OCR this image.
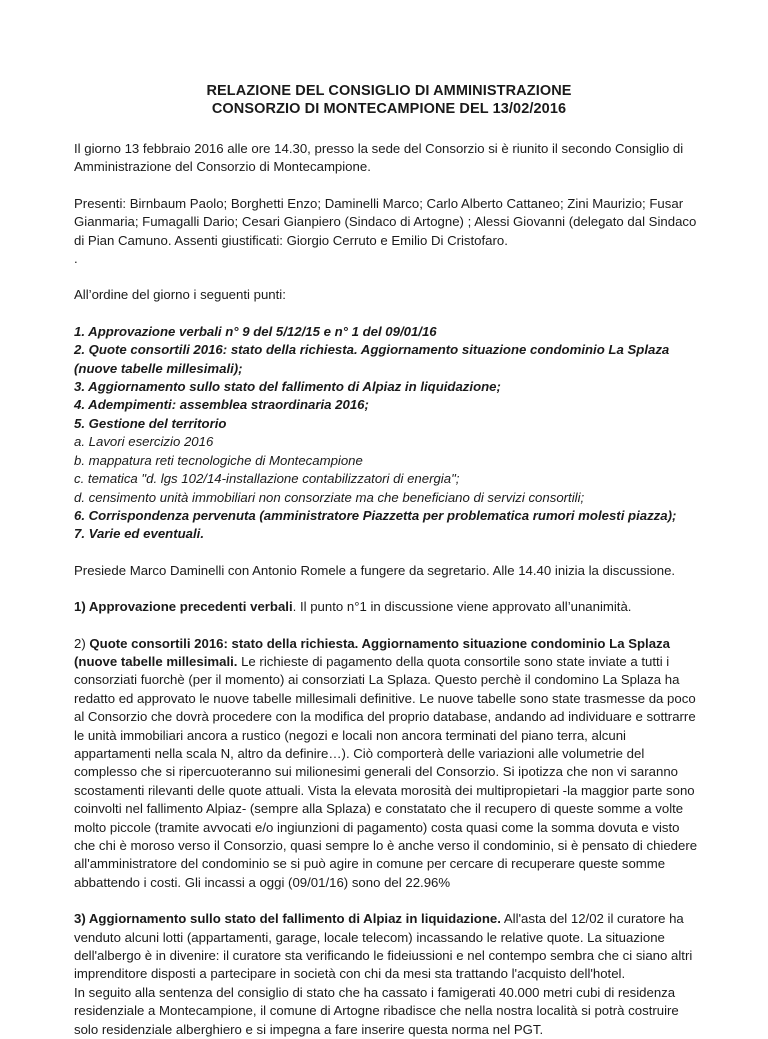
RELAZIONE DEL CONSIGLIO DI AMMINISTRAZIONE
CONSORZIO DI MONTECAMPIONE DEL 13/02/2016

Il giorno 13 febbraio 2016 alle ore 14.30, presso la sede del Consorzio si è riunito il secondo Consiglio di Amministrazione del Consorzio di Montecampione.

Presenti: Birnbaum Paolo; Borghetti Enzo; Daminelli Marco; Carlo Alberto Cattaneo; Zini Maurizio; Fusar Gianmaria; Fumagalli Dario; Cesari Gianpiero (Sindaco di Artogne) ; Alessi Giovanni (delegato dal Sindaco di Pian Camuno. Assenti giustificati: Giorgio Cerruto e Emilio Di Cristofaro.

.

All’ordine del giorno i seguenti punti:

1. Approvazione verbali n° 9 del 5/12/15 e n° 1 del 09/01/16
2. Quote consortili 2016: stato della richiesta. Aggiornamento situazione condominio La Splaza (nuove tabelle millesimali);
3. Aggiornamento sullo stato del fallimento di Alpiaz in liquidazione;
4. Adempimenti: assemblea straordinaria 2016;
5. Gestione del territorio
a. Lavori esercizio 2016
b. mappatura reti tecnologiche di Montecampione
c. tematica "d. lgs 102/14-installazione contabilizzatori di energia";
d. censimento unità immobiliari non consorziate ma che beneficiano di servizi consortili;
6. Corrispondenza pervenuta (amministratore Piazzetta per problematica rumori molesti piazza);
7. Varie ed eventuali.

Presiede Marco Daminelli con Antonio Romele a fungere da segretario. Alle 14.40 inizia la discussione.

1) Approvazione precedenti verbali. Il punto n°1 in discussione viene approvato all’unanimità.

2) Quote consortili 2016: stato della richiesta. Aggiornamento situazione condominio La Splaza (nuove tabelle millesimali. Le richieste di pagamento della quota consortile sono state inviate a tutti i consorziati fuorchè (per il momento) ai consorziati La Splaza. Questo perchè il condomino La Splaza ha redatto ed approvato le nuove tabelle millesimali definitive. Le nuove tabelle sono state trasmesse da poco al Consorzio che dovrà procedere con la modifica del proprio database, andando ad individuare e sottrarre le unità immobiliari ancora a rustico (negozi e locali non ancora terminati del piano terra, alcuni appartamenti nella scala N, altro da definire…). Ciò comporterà delle variazioni alle volumetrie del complesso che si ripercuoteranno sui milionesimi generali del Consorzio. Si ipotizza che non vi saranno scostamenti rilevanti delle quote attuali. Vista la elevata morosità dei multipropietari -la maggior parte sono coinvolti nel fallimento Alpiaz- (sempre alla Splaza) e constatato che il recupero di queste somme a volte molto piccole (tramite avvocati e/o ingiunzioni di pagamento) costa quasi come la somma dovuta e visto che chi è moroso verso il Consorzio, quasi sempre lo è anche verso il condominio, si è pensato di chiedere all'amministratore del condominio se si può agire in comune per cercare di recuperare queste somme abbattendo i costi. Gli incassi a oggi (09/01/16) sono del 22.96%

3) Aggiornamento sullo stato del fallimento di Alpiaz in liquidazione. All'asta del 12/02 il curatore ha venduto alcuni lotti (appartamenti, garage, locale telecom) incassando le relative quote. La situazione dell'albergo è in divenire: il curatore sta verificando le fideiussioni e nel contempo sembra che ci siano altri imprenditore disposti a partecipare in società con chi da mesi sta trattando l'acquisto dell'hotel.

In seguito alla sentenza del consiglio di stato che ha cassato i famigerati 40.000 metri cubi di residenza residenziale a Montecampione, il comune di Artogne ribadisce che nella nostra località si potrà costruire solo residenziale alberghiero e si impegna a fare inserire questa norma nel PGT.
